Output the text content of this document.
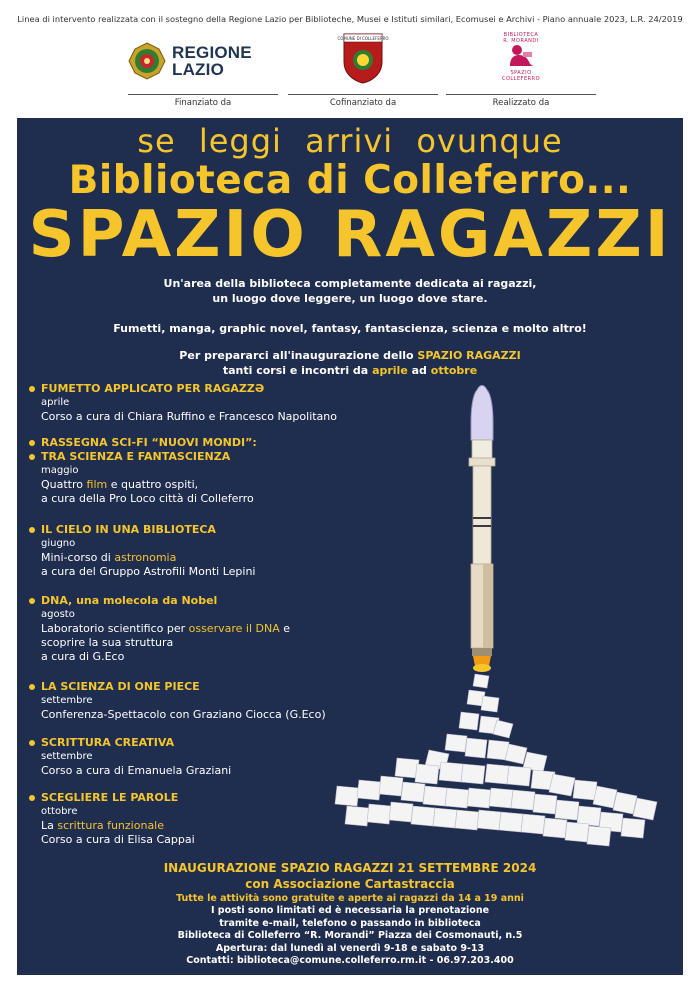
Linea di intervento realizzata con il sostegno della Regione Lazio per Biblioteche, Musei e Istituti similari, Ecomusei e Archivi - Piano annuale 2023, L.R. 24/2019
REGIONE
LAZIO
Finanziato da
COMUNE DI COLLEFERRO
Cofinanziato da
BIBLIOTECA
R. MORANDI
SPAZIO
COLLEFERRO
Realizzato da
se leggi arrivi ovunque
Biblioteca di Colleferro...
SPAZIO RAGAZZI
Un'area della biblioteca completamente dedicata ai ragazzi,
un luogo dove leggere, un luogo dove stare.
Fumetti, manga, graphic novel, fantasy, fantascienza, scienza e molto altro!
Per prepararci all'inaugurazione dello SPAZIO RAGAZZI
tanti corsi e incontri da aprile ad ottobre
FUMETTO APPLICATO PER RAGAZZƏ
aprile
Corso a cura di Chiara Ruffino e Francesco Napolitano
RASSEGNA SCI-FI “NUOVI MONDI”:
TRA SCIENZA E FANTASCIENZA
maggio
Quattro film e quattro ospiti,
a cura della Pro Loco città di Colleferro
IL CIELO IN UNA BIBLIOTECA
giugno
Mini-corso di astronomia
a cura del Gruppo Astrofili Monti Lepini
DNA, una molecola da Nobel
agosto
Laboratorio scientifico per osservare il DNA e
scoprire la sua struttura
a cura di G.Eco
LA SCIENZA DI ONE PIECE
settembre
Conferenza-Spettacolo con Graziano Ciocca (G.Eco)
SCRITTURA CREATIVA
settembre
Corso a cura di Emanuela Graziani
SCEGLIERE LE PAROLE
ottobre
La scrittura funzionale
Corso a cura di Elisa Cappai
INAUGURAZIONE SPAZIO RAGAZZI 21 SETTEMBRE 2024
con Associazione Cartastraccia
Tutte le attività sono gratuite e aperte ai ragazzi da 14 a 19 anni
I posti sono limitati ed è necessaria la prenotazione
tramite e-mail, telefono o passando in biblioteca
Biblioteca di Colleferro “R. Morandi” Piazza dei Cosmonauti, n.5
Apertura: dal lunedì al venerdì 9-18 e sabato 9-13
Contatti: biblioteca@comune.colleferro.rm.it - 06.97.203.400
